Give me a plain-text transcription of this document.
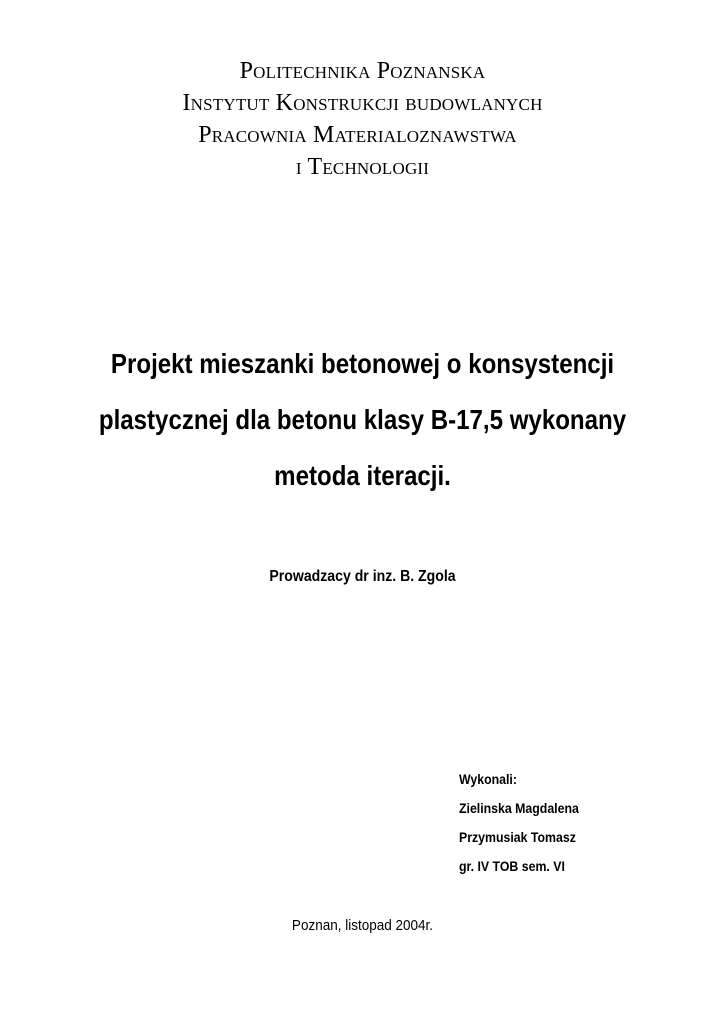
Politechnika Poznanska
Instytut Konstrukcji budowlanych
Pracownia Materialoznawstwa
i Technologii
Projekt mieszanki betonowej o konsystencji
plastycznej dla betonu klasy B-17,5 wykonany
metoda iteracji.
Prowadzacy dr inz. B. Zgola
Wykonali:
Zielinska Magdalena
Przymusiak Tomasz
gr. IV TOB sem. VI
Poznan, listopad 2004r.
